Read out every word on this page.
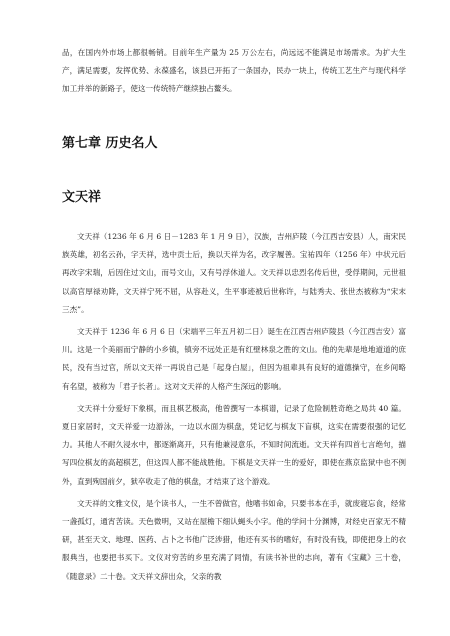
品，在国内外市场上都很畅销。目前年生产量为 25 万公左右，尚远远不能满足市场需求。为扩大生产，满足需要，发挥优势、永葆盛名，该县已开拓了一条国办，民办一块上，传统工艺生产与现代科学加工并举的新路子，使这一传统特产继续独占鳌头。

第七章 历史名人
文天祥

文天祥（1236 年 6 月 6 日－1283 年 1 月 9 日），汉族，吉州庐陵（今江西吉安县）人，南宋民族英雄，初名云孙，字天祥，选中贡士后，换以天祥为名，改字履善。宝祐四年（1256 年）中状元后再改字宋瑞，后因住过文山，而号文山，又有号浮休道人。文天祥以忠烈名传后世，受俘期间，元世祖以高官厚禄劝降，文天祥宁死不屈，从容赴义，生平事迹被后世称许，与陆秀夫、张世杰被称为“宋末三杰”。

文天祥于 1236 年 6 月 6 日（宋端平三年五月初二日）诞生在江西吉州庐陵县（今江西吉安）富川。这是一个美丽而宁静的小乡镇，镇旁不远处正是有红壁林泉之胜的文山。他的先辈是地地道道的庶民，没有当过官，所以文天祥一再说自己是「起身白屋」，但因为祖辈具有良好的道德操守，在乡间略有名望，被称为「君子长者」。这对文天祥的人格产生深远的影响。

文天祥十分爱好下象棋，而且棋艺极高，他曾撰写一本棋谱，记录了危险制胜奇绝之局共 40 篇。夏日家居时，文天祥爱一边游泳，一边以水面为棋盘，凭记忆与棋友下盲棋，这实在需要很强的记忆力。其他人不耐久浸水中，都逐渐离开，只有他兼浸意乐，不知时间流逝。文天祥有四首七言绝句，描写四位棋友的高超棋艺，但这四人都不能战胜他。下棋是文天祥一生的爱好，即使在燕京监狱中也不例外，直到殉国前夕，狱卒收走了他的棋盘，才结束了这个游戏。

文天祥的文雅文仪，是个读书人，一生不曾做官，他嗜书如命，只要书本在手，就废寝忘食，经常一盏孤灯，通宵苦读。天色微明，又站在屋檐下细认蝇头小字。他的学问十分渊博，对经史百家无不精研，甚至天文、地理、医药、占卜之书他广泛涉猎，他还有买书的嗜好，有时没有钱，即使把身上的衣服典当，也要把书买下。文仪对穷苦的乡里充满了同情，有读书补世的志向，著有《宝藏》三十卷，《随意录》二十卷。文天祥文辞出众，父亲的教
